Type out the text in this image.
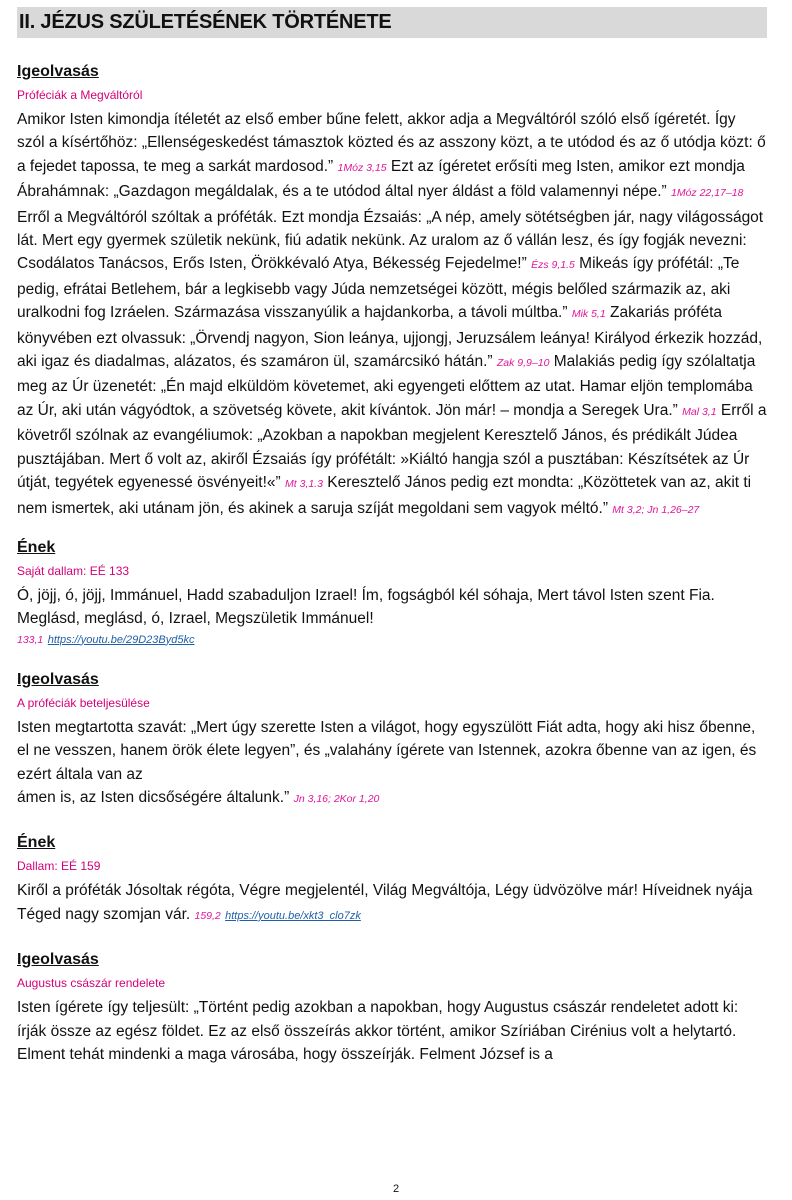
II. JÉZUS SZÜLETÉSÉNEK TÖRTÉNETE
Igeolvasás
Próféciák a Megváltóról

Amikor Isten kimondja ítéletét az első ember bűne felett, akkor adja a Megváltóról szóló első ígéretét. Így szól a kísértőhöz: „Ellenségeskedést támasztok közted és az asszony közt, a te utódod és az ő utódja közt: ő a fejedet tapossa, te meg a sarkát mardosod.” 1Móz 3,15 Ezt az ígéretet erősíti meg Isten, amikor ezt mondja Ábrahámnak: „Gazdagon megáldalak, és a te utódod által nyer áldást a föld valamennyi népe.” 1Móz 22,17–18 Erről a Megváltóról szóltak a próféták. Ezt mondja Ézsaiás: „A nép, amely sötétségben jár, nagy világosságot lát. Mert egy gyermek születik nekünk, fiú adatik nekünk. Az uralom az ő vállán lesz, és így fogják nevezni: Csodálatos Tanácsos, Erős Isten, Örökkévaló Atya, Békesség Fejedelme!” Ézs 9,1.5 Mikeás így prófétál: „Te pedig, efrátai Betlehem, bár a legkisebb vagy Júda nemzetségei között, mégis belőled származik az, aki uralkodni fog Izráelen. Származása visszanyúlik a hajdankorba, a távoli múltba.” Mik 5,1 Zakariás próféta könyvében ezt olvassuk: „Örvendj nagyon, Sion leánya, ujjongj, Jeruzsálem leánya! Királyod érkezik hozzád, aki igaz és diadalmas, alázatos, és szamáron ül, szamárcsikó hátán.” Zak 9,9–10 Malakiás pedig így szólaltatja meg az Úr üzenetét: „Én majd elküldöm követemet, aki egyengeti előttem az utat. Hamar eljön templomába az Úr, aki után vágyódtok, a szövetség követe, akit kívántok. Jön már! – mondja a Seregek Ura.” Mal 3,1 Erről a követről szólnak az evangéliumok: „Azokban a napokban megjelent Keresztelő János, és prédikált Júdea pusztájában. Mert ő volt az, akiről Ézsaiás így prófétált: »Kiáltó hangja szól a pusztában: Készítsétek az Úr útját, tegyétek egyenessé ösvényeit!«” Mt 3,1.3 Keresztelő János pedig ezt mondta: „Közöttetek van az, akit ti nem ismertek, aki utánam jön, és akinek a saruja szíját megoldani sem vagyok méltó.” Mt 3,2; Jn 1,26–27

Ének
Saját dallam: EÉ 133

Ó, jöjj, ó, jöjj, Immánuel, Hadd szabaduljon Izrael! Ím, fogságból kél sóhaja, Mert távol Isten szent Fia. Meglásd, meglásd, ó, Izrael, Megszületik Immánuel!

133,1 https://youtu.be/29D23Byd5kc
Igeolvasás
A próféciák beteljesülése

Isten megtartotta szavát: „Mert úgy szerette Isten a világot, hogy egyszülött Fiát adta, hogy aki hisz őbenne, el ne vesszen, hanem örök élete legyen”, és „valahány ígérete van Istennek, azokra őbenne van az igen, és ezért általa van az
ámen is, az Isten dicsőségére általunk.” Jn 3,16; 2Kor 1,20

Ének
Dallam: EÉ 159

Kiről a próféták Jósoltak régóta, Végre megjelentél, Világ Megváltója, Légy üdvözölve már! Híveidnek nyája Téged nagy szomjan vár. 159,2 https://youtu.be/xkt3_clo7zk

Igeolvasás
Augustus császár rendelete

Isten ígérete így teljesült: „Történt pedig azokban a napokban, hogy Augustus császár rendeletet adott ki: írják össze az egész földet. Ez az első összeírás akkor történt, amikor Szíriában Cirénius volt a helytartó. Elment tehát mindenki a maga városába, hogy összeírják. Felment József is a

2
